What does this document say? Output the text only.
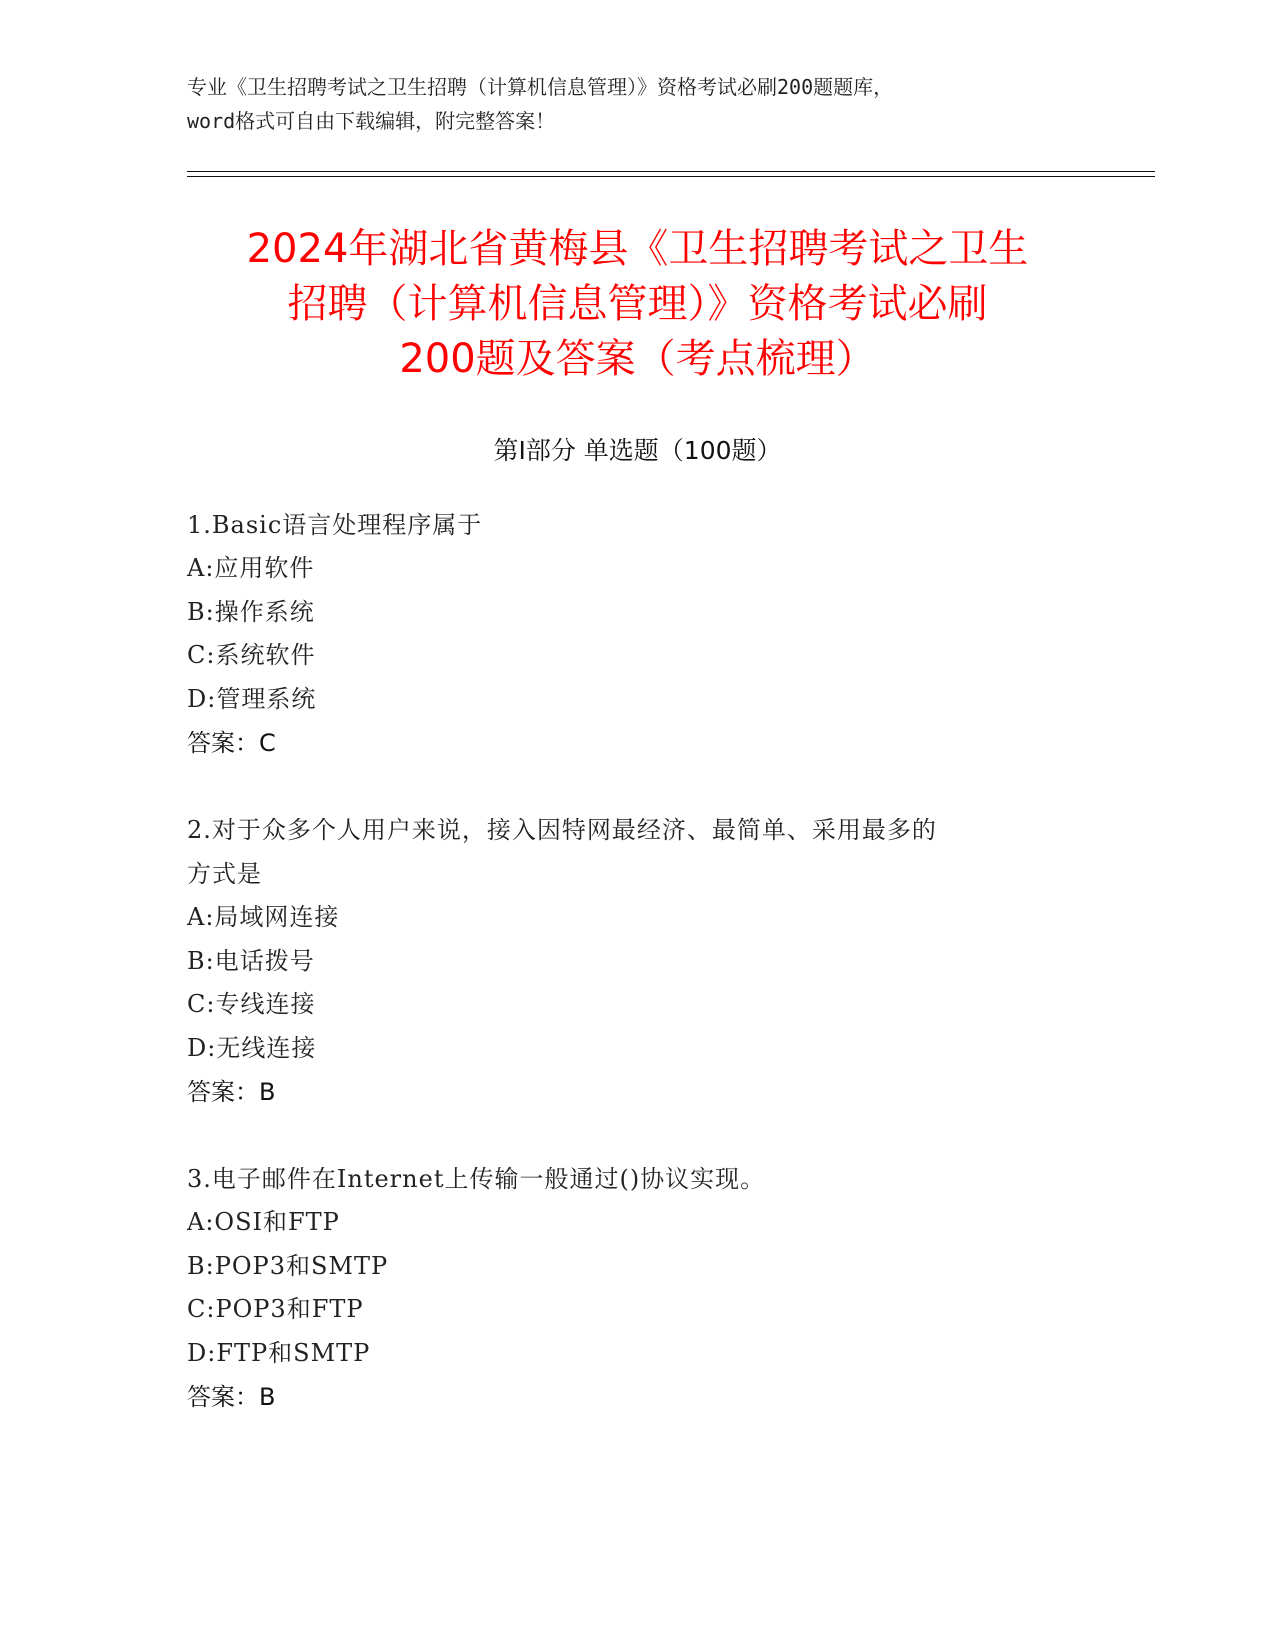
专业《卫生招聘考试之卫生招聘（计算机信息管理）》资格考试必刷200题题库，
word格式可自由下载编辑，附完整答案！
2024年湖北省黄梅县《卫生招聘考试之卫生
招聘（计算机信息管理）》资格考试必刷
200题及答案（考点梳理）
第Ⅰ部分 单选题（100题）
1.Basic语言处理程序属于
A:应用软件
B:操作系统
C:系统软件
D:管理系统
答案：C
2.对于众多个人用户来说，接入因特网最经济、最简单、采用最多的
方式是
A:局域网连接
B:电话拨号
C:专线连接
D:无线连接
答案：B
3.电子邮件在Internet上传输一般通过()协议实现。
A:OSI和FTP
B:POP3和SMTP
C:POP3和FTP
D:FTP和SMTP
答案：B
